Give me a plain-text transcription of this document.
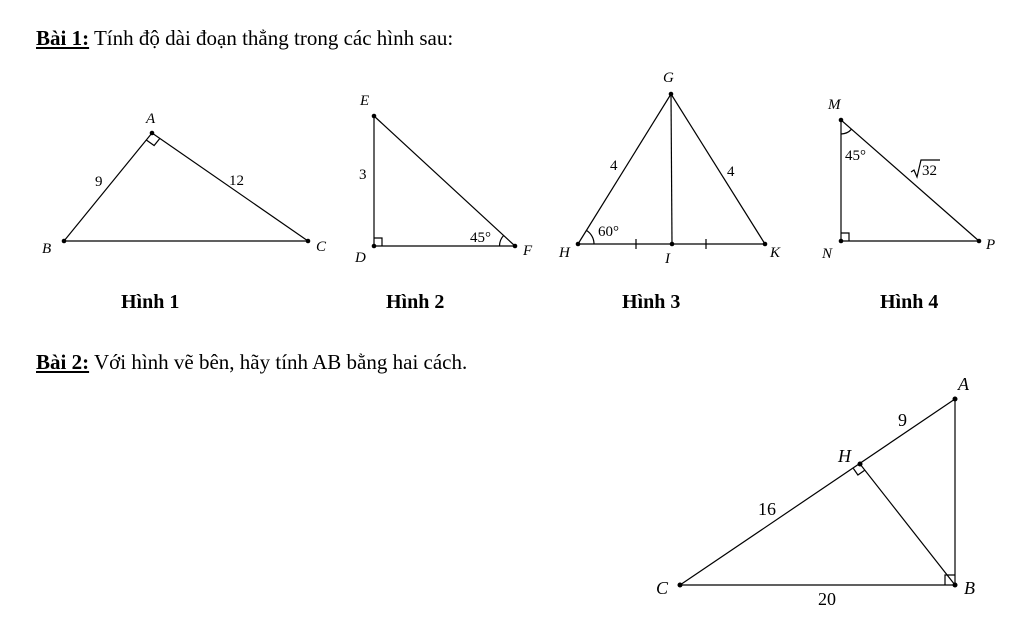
Bài 1: Tính độ dài đoạn thẳng trong các hình sau:
Bài 2: Với hình vẽ bên, hãy tính AB bằng hai cách.
A
B	C
9	12
Hình 1
E
D	F
3
45°
Hình 2
G
H	K
I
4	4
60°
Hình 3
M
N
P
45°
32
Hình 4
A
B
C
H
9
16
20
